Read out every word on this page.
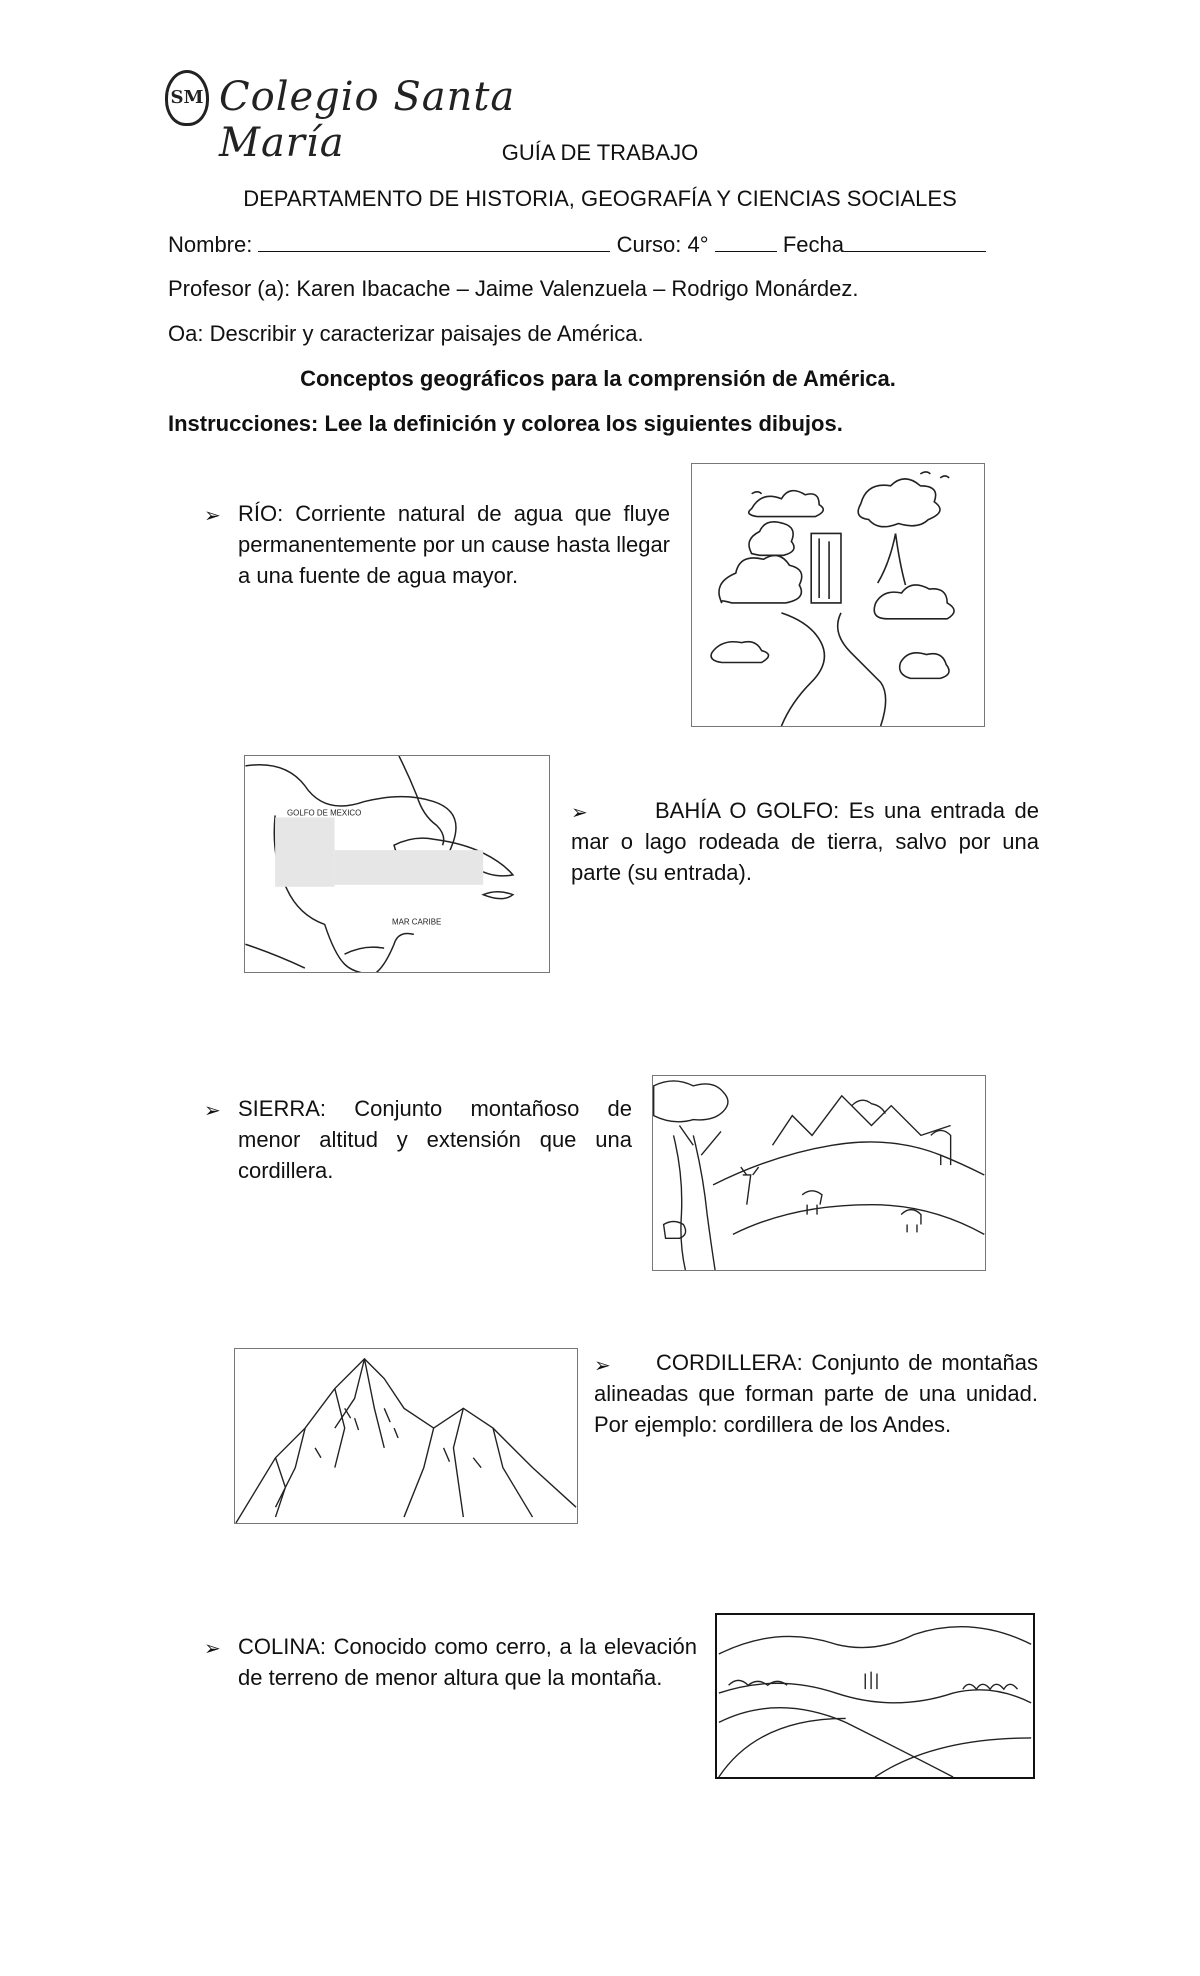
SM Colegio Santa María	GUÍA DE TRABAJO
DEPARTAMENTO DE HISTORIA, GEOGRAFÍA Y CIENCIAS SOCIALES
Nombre:	Curso: 4°	Fecha
Profesor (a): Karen Ibacache – Jaime Valenzuela – Rodrigo Monárdez.
Oa: Describir y caracterizar paisajes de América.
Conceptos geográficos para la comprensión de América.
Instrucciones: Lee la definición y colorea los siguientes dibujos.
➢ RÍO: Corriente natural de agua que fluye permanentemente por un cause hasta llegar a una fuente de agua mayor.
GOLFO DE MEXICO
MAR CARIBE
➢	BAHÍA O GOLFO: Es una entrada de mar o lago rodeada de tierra, salvo por una parte (su entrada).
➢ SIERRA: Conjunto montañoso de menor altitud y extensión que una cordillera.
➢	CORDILLERA: Conjunto de montañas alineadas que forman parte de una unidad. Por ejemplo: cordillera de los Andes.
➢ COLINA: Conocido como cerro, a la elevación de terreno de menor altura que la montaña.
